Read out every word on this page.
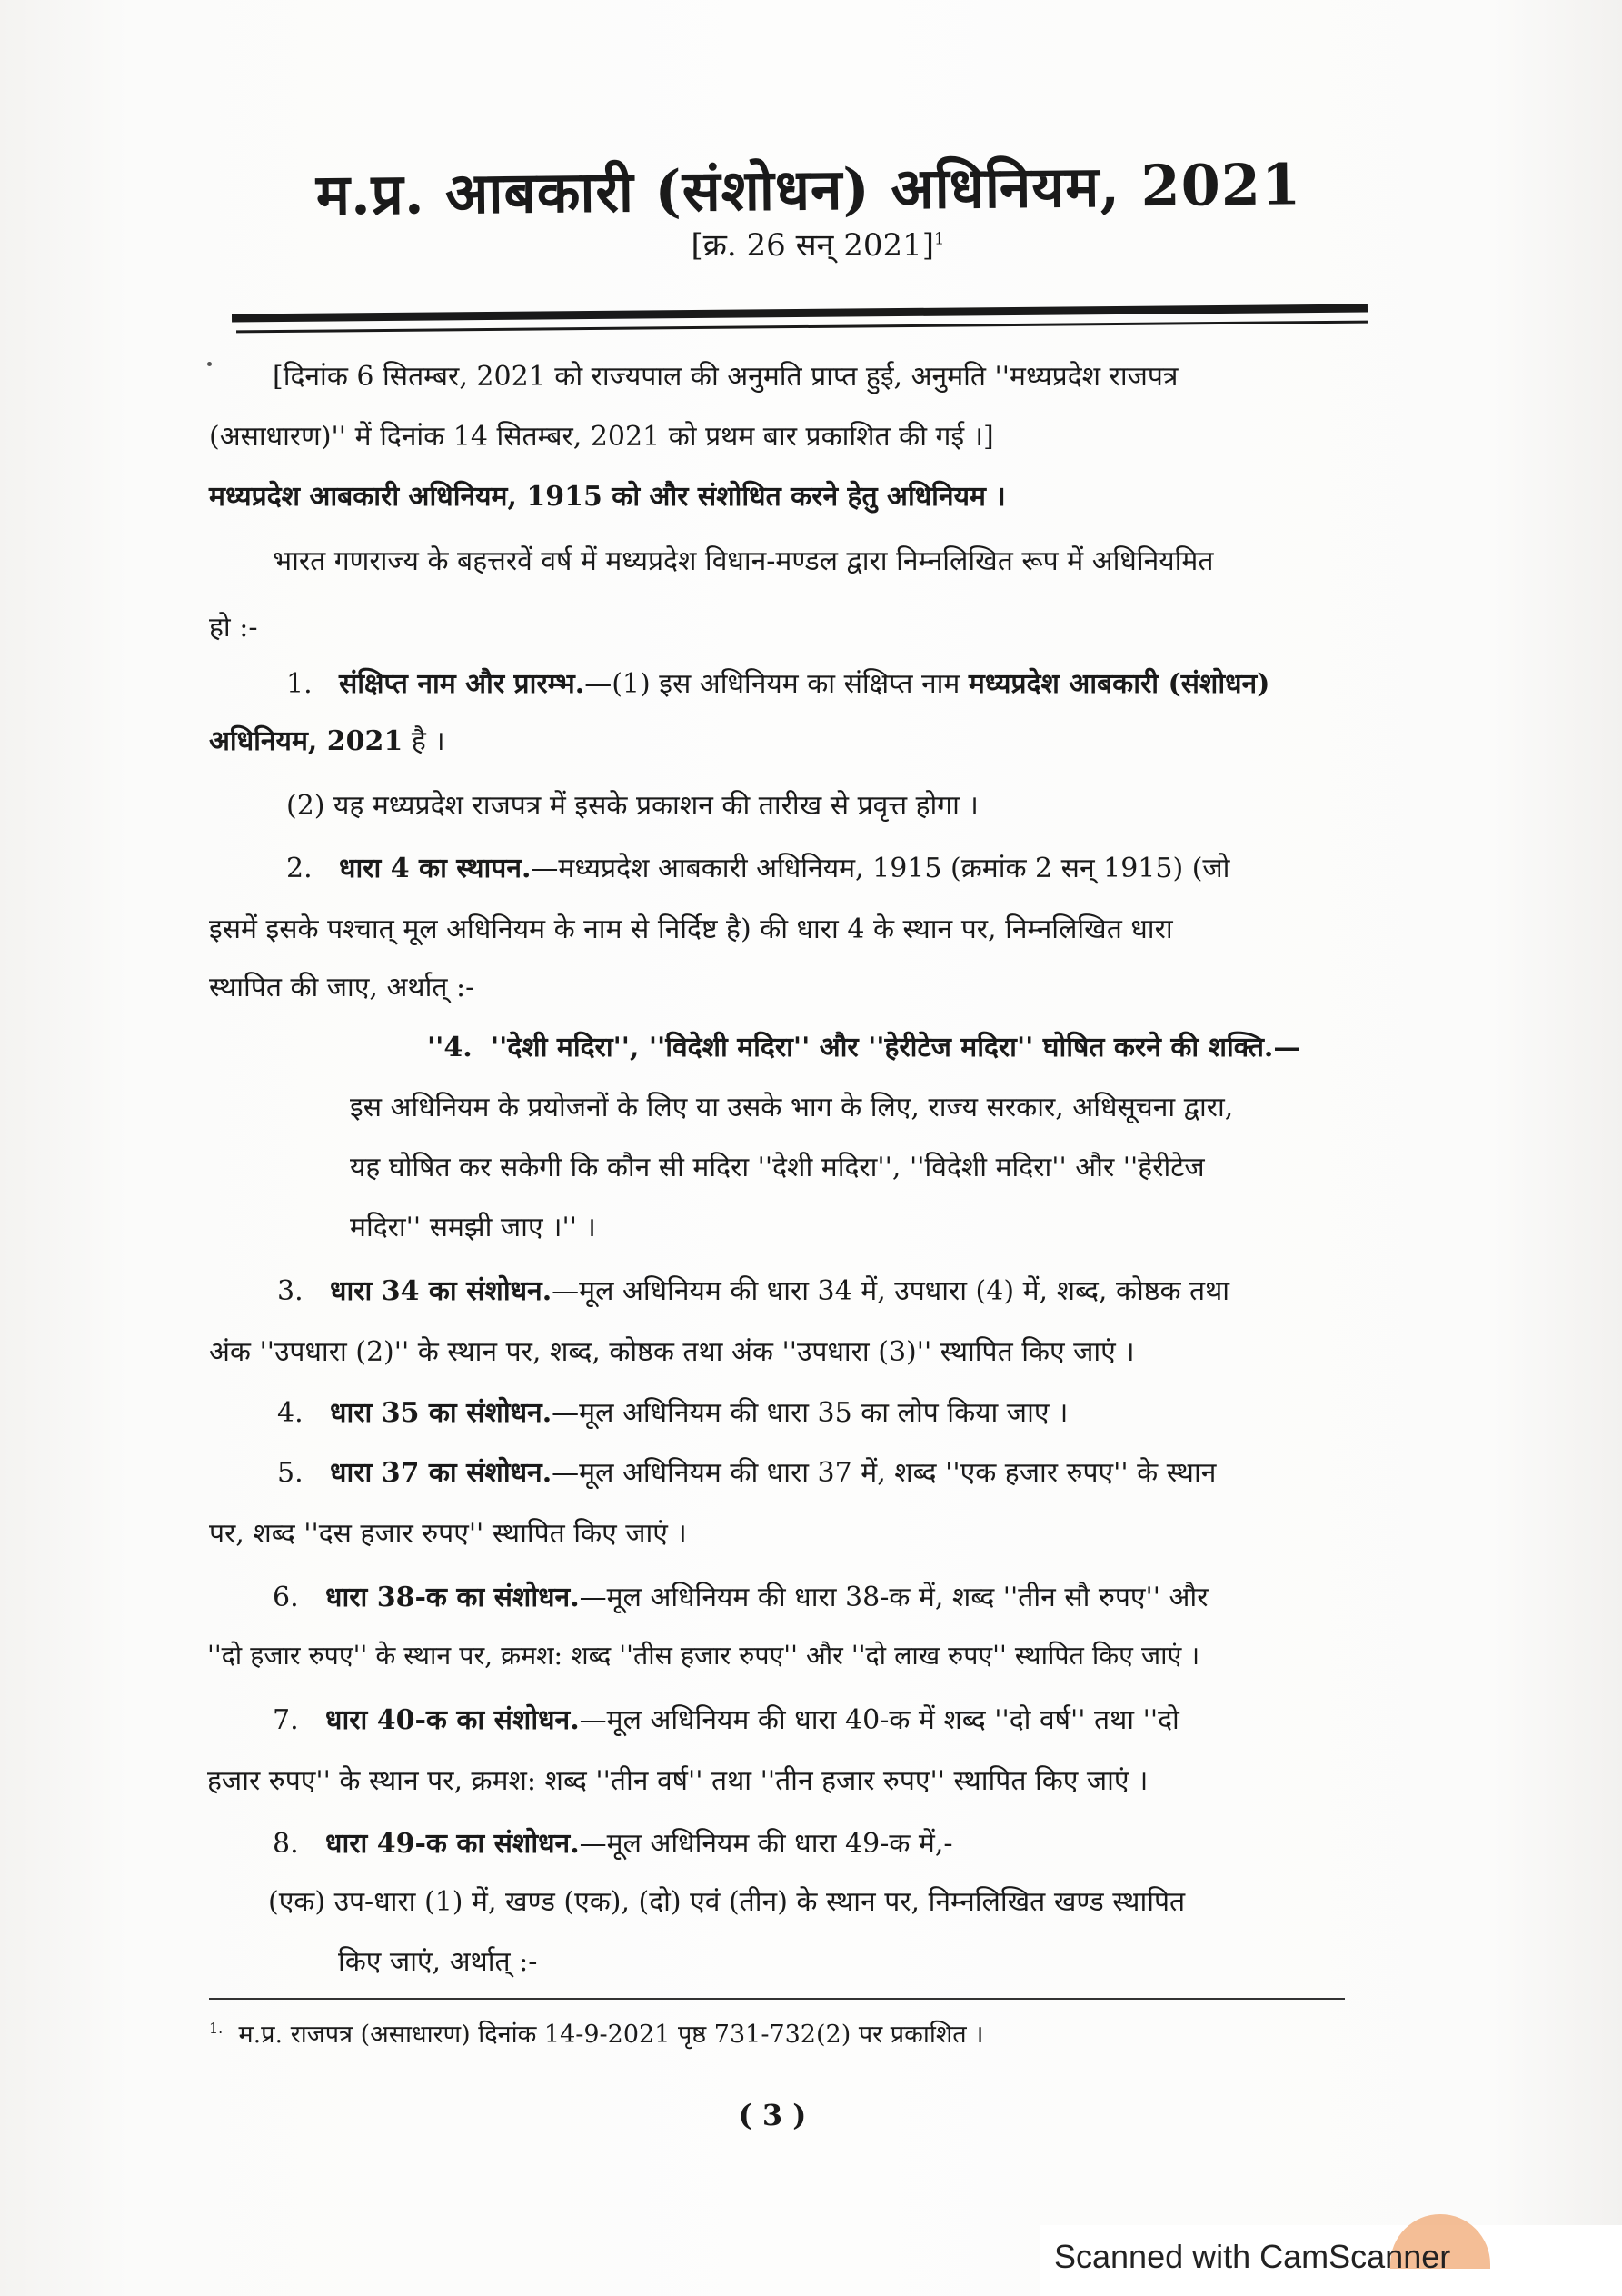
म.प्र. आबकारी (संशोधन) अधिनियम, 2021
[क्र. 26 सन् 2021]$^1$
[दिनांक 6 सितम्बर, 2021 को राज्यपाल की अनुमति प्राप्त हुई, अनुमति ''मध्यप्रदेश राजपत्र
(असाधारण)'' में दिनांक 14 सितम्बर, 2021 को प्रथम बार प्रकाशित की गई ।]
मध्यप्रदेश आबकारी अधिनियम, 1915 को और संशोधित करने हेतु अधिनियम ।
भारत गणराज्य के बहत्तरवें वर्ष में मध्यप्रदेश विधान-मण्डल द्वारा निम्नलिखित रूप में अधिनियमित
हो :-
1. संक्षिप्त नाम और प्रारम्भ.—(1) इस अधिनियम का संक्षिप्त नाम मध्यप्रदेश आबकारी (संशोधन)
अधिनियम, 2021 है ।
(2) यह मध्यप्रदेश राजपत्र में इसके प्रकाशन की तारीख से प्रवृत्त होगा ।
2. धारा 4 का स्थापन.—मध्यप्रदेश आबकारी अधिनियम, 1915 (क्रमांक 2 सन् 1915) (जो
इसमें इसके पश्चात् मूल अधिनियम के नाम से निर्दिष्ट है) की धारा 4 के स्थान पर, निम्नलिखित धारा
स्थापित की जाए, अर्थात् :-
''4. ''देशी मदिरा'', ''विदेशी मदिरा'' और ''हेरीटेज मदिरा'' घोषित करने की शक्ति.—
इस अधिनियम के प्रयोजनों के लिए या उसके भाग के लिए, राज्य सरकार, अधिसूचना द्वारा,
यह घोषित कर सकेगी कि कौन सी मदिरा ''देशी मदिरा'', ''विदेशी मदिरा'' और ''हेरीटेज
मदिरा'' समझी जाए ।'' ।
3. धारा 34 का संशोधन.—मूल अधिनियम की धारा 34 में, उपधारा (4) में, शब्द, कोष्ठक तथा
अंक ''उपधारा (2)'' के स्थान पर, शब्द, कोष्ठक तथा अंक ''उपधारा (3)'' स्थापित किए जाएं ।
4. धारा 35 का संशोधन.—मूल अधिनियम की धारा 35 का लोप किया जाए ।
5. धारा 37 का संशोधन.—मूल अधिनियम की धारा 37 में, शब्द ''एक हजार रुपए'' के स्थान
पर, शब्द ''दस हजार रुपए'' स्थापित किए जाएं ।
6. धारा 38-क का संशोधन.—मूल अधिनियम की धारा 38-क में, शब्द ''तीन सौ रुपए'' और
''दो हजार रुपए'' के स्थान पर, क्रमश: शब्द ''तीस हजार रुपए'' और ''दो लाख रुपए'' स्थापित किए जाएं ।
7. धारा 40-क का संशोधन.—मूल अधिनियम की धारा 40-क में शब्द ''दो वर्ष'' तथा ''दो
हजार रुपए'' के स्थान पर, क्रमश: शब्द ''तीन वर्ष'' तथा ''तीन हजार रुपए'' स्थापित किए जाएं ।
8. धारा 49-क का संशोधन.—मूल अधिनियम की धारा 49-क में,-
(एक) उप-धारा (1) में, खण्ड (एक), (दो) एवं (तीन) के स्थान पर, निम्नलिखित खण्ड स्थापित
किए जाएं, अर्थात् :-
$^{1.}$ म.प्र. राजपत्र (असाधारण) दिनांक 14-9-2021 पृष्ठ 731-732(2) पर प्रकाशित ।
( 3 )
Scanned with CamScanner
